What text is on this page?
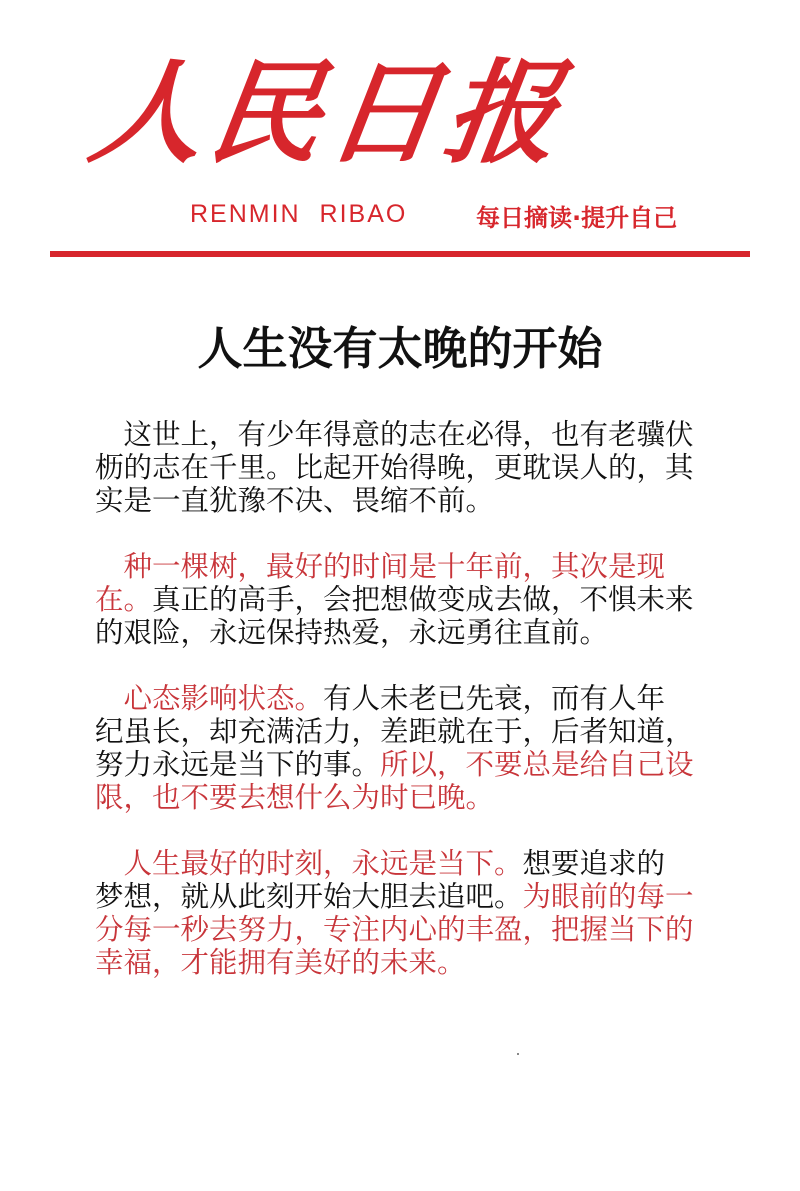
人民日报
RENMIN RIBAO	每日摘读·提升自己
人生没有太晚的开始
　这世上，有少年得意的志在必得，也有老骥伏
枥的志在千里。比起开始得晚，更耽误人的，其
实是一直犹豫不决、畏缩不前。
　种一棵树，最好的时间是十年前，其次是现
在。真正的高手，会把想做变成去做，不惧未来
的艰险，永远保持热爱，永远勇往直前。
　心态影响状态。有人未老已先衰，而有人年
纪虽长，却充满活力，差距就在于，后者知道，
努力永远是当下的事。所以，不要总是给自己设
限，也不要去想什么为时已晚。
　人生最好的时刻，永远是当下。想要追求的
梦想，就从此刻开始大胆去追吧。为眼前的每一
分每一秒去努力，专注内心的丰盈，把握当下的
幸福，才能拥有美好的未来。
